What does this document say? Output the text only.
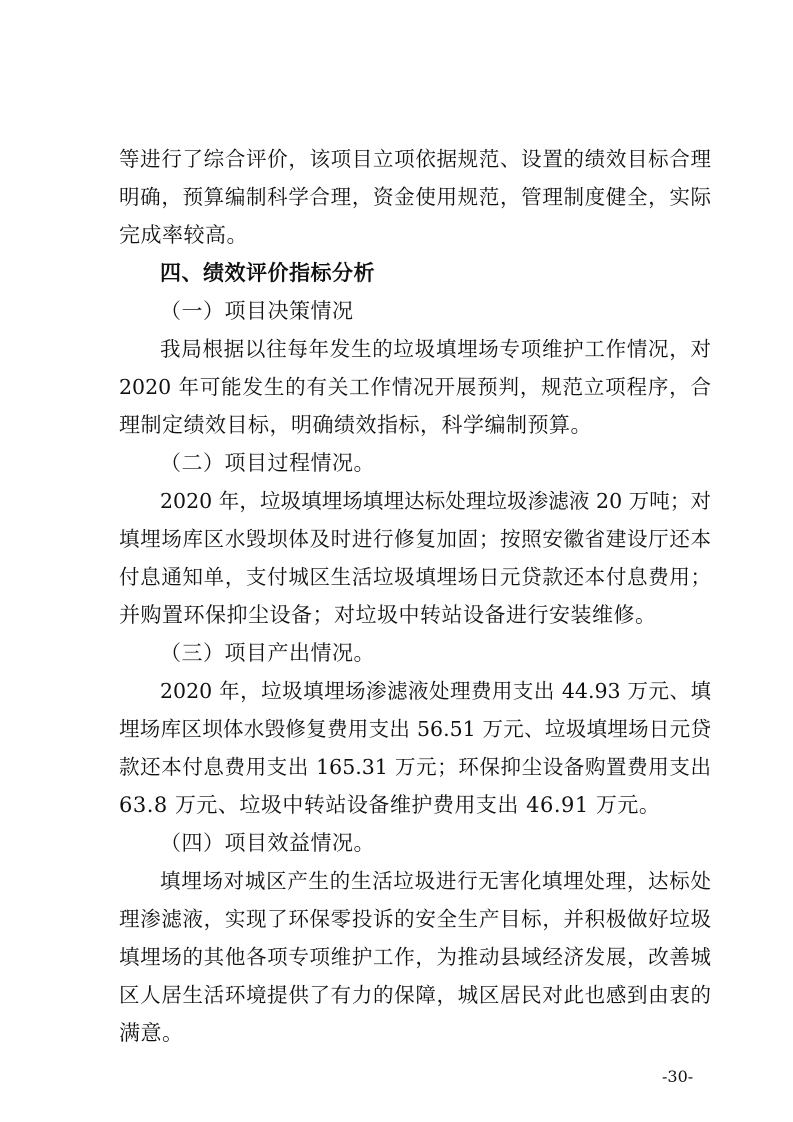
等进行了综合评价，该项目立项依据规范、设置的绩效目标合理
明确，预算编制科学合理，资金使用规范，管理制度健全，实际
完成率较高。
四、绩效评价指标分析
（一）项目决策情况
我局根据以往每年发生的垃圾填埋场专项维护工作情况，对
2020 年可能发生的有关工作情况开展预判，规范立项程序，合
理制定绩效目标，明确绩效指标，科学编制预算。
（二）项目过程情况。
2020 年，垃圾填埋场填埋达标处理垃圾渗滤液 20 万吨；对
填埋场库区水毁坝体及时进行修复加固；按照安徽省建设厅还本
付息通知单，支付城区生活垃圾填埋场日元贷款还本付息费用；
并购置环保抑尘设备；对垃圾中转站设备进行安装维修。
（三）项目产出情况。
2020 年，垃圾填埋场渗滤液处理费用支出 44.93 万元、填
埋场库区坝体水毁修复费用支出 56.51 万元、垃圾填埋场日元贷
款还本付息费用支出 165.31 万元；环保抑尘设备购置费用支出
63.8 万元、垃圾中转站设备维护费用支出 46.91 万元。
（四）项目效益情况。
填埋场对城区产生的生活垃圾进行无害化填埋处理，达标处
理渗滤液，实现了环保零投诉的安全生产目标，并积极做好垃圾
填埋场的其他各项专项维护工作，为推动县域经济发展，改善城
区人居生活环境提供了有力的保障，城区居民对此也感到由衷的
满意。
-30-
